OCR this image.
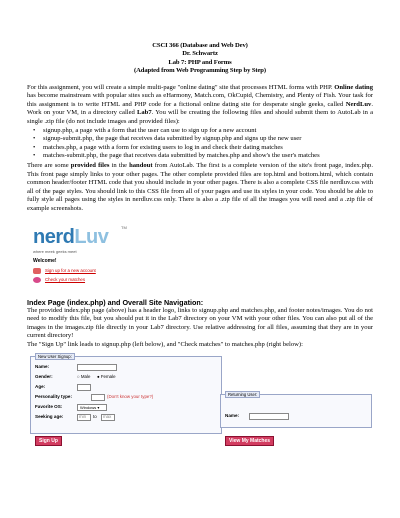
CSCI 366 (Database and Web Dev)
Dr. Schwartz
Lab 7: PHP and Forms
(Adapted from Web Programming Step by Step)

For this assignment, you will create a simple multi-page "online dating" site that processes HTML forms with PHP. Online dating has become mainstream with popular sites such as eHarmony, Match.com, OkCupid, Chemistry, and Plenty of Fish. Your task for this assignment is to write HTML and PHP code for a fictional online dating site for desperate single geeks, called NerdLuv. Work on your VM, in a directory called Lab7. You will be creating the following files and should submit them to AutoLab in a single .zip file (do not include images and provided files):

• signup.php, a page with a form that the user can use to sign up for a new account
• signup-submit.php, the page that receives data submitted by signup.php and signs up the new user
• matches.php, a page with a form for existing users to log in and check their dating matches
• matches-submit.php, the page that receives data submitted by matches.php and show's the user's matches

There are some provided files in the handout from AutoLab. The first is a complete version of the site's front page, index.php. This front page simply links to your other pages. The other complete provided files are top.html and bottom.html, which contain common header/footer HTML code that you should include in your other pages. There is also a complete CSS file nerdluv.css with all of the page styles. You should link to this CSS file from all of your pages and use its styles in your code. You should be able to fully style all pages using the styles in nerdluv.css only. There is also a .zip file of all the images you will need and a .zip file of example screenshots.

nerdLuv	TM
where meek geeks meet
Welcome!
Sign up for a new account
Check your matches
Index Page (index.php) and Overall Site Navigation:

The provided index.php page (above) has a header logo, links to signup.php and matches.php, and footer notes/images. You do not need to modify this file, but you should put it in the Lab7 directory on your VM with your other files. You can also put all of the images in the images.zip file directly in your Lab7 directory. Use relative addressing for all files, assuming that they are in your current directory!

The "Sign Up" link leads to signup.php (left below), and "Check matches" to matches.php (right below):

New User Signup:
Name:
Gender:	○ Male ● Female
Age:
Personality type:	(Don't know your type?)
Favorite OS:	Windows ▾
Seeking age:	min to max
Sign Up
Returning User:
Name:
View My Matches
